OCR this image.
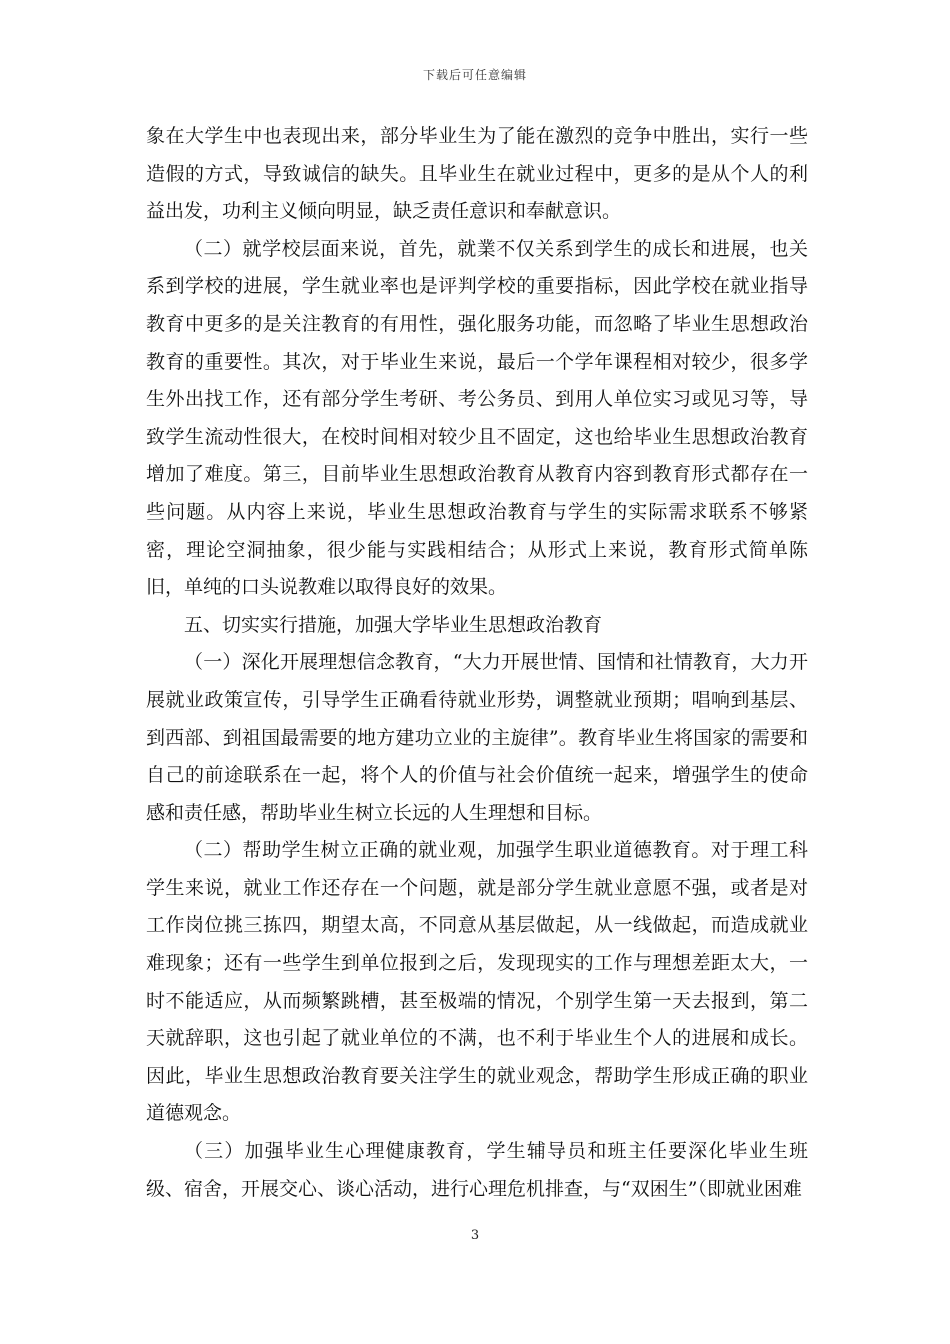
下载后可任意编辑

象在大学生中也表现出来，部分毕业生为了能在激烈的竞争中胜出，实行一些造假的方式，导致诚信的缺失。且毕业生在就业过程中，更多的是从个人的利益出发，功利主义倾向明显，缺乏责任意识和奉献意识。

（二）就学校层面来说，首先，就業不仅关系到学生的成长和进展，也关系到学校的进展，学生就业率也是评判学校的重要指标，因此学校在就业指导教育中更多的是关注教育的有用性，强化服务功能，而忽略了毕业生思想政治教育的重要性。其次，对于毕业生来说，最后一个学年课程相对较少，很多学生外出找工作，还有部分学生考研、考公务员、到用人单位实习或见习等，导致学生流动性很大，在校时间相对较少且不固定，这也给毕业生思想政治教育增加了难度。第三，目前毕业生思想政治教育从教育内容到教育形式都存在一些问题。从内容上来说，毕业生思想政治教育与学生的实际需求联系不够紧密，理论空洞抽象，很少能与实践相结合；从形式上来说，教育形式简单陈旧，单纯的口头说教难以取得良好的效果。

五、切实实行措施，加强大学毕业生思想政治教育

（一）深化开展理想信念教育，“大力开展世情、国情和社情教育，大力开展就业政策宣传，引导学生正确看待就业形势，调整就业预期；唱响到基层、到西部、到祖国最需要的地方建功立业的主旋律”。教育毕业生将国家的需要和自己的前途联系在一起，将个人的价值与社会价值统一起来，增强学生的使命感和责任感，帮助毕业生树立长远的人生理想和目标。

（二）帮助学生树立正确的就业观，加强学生职业道德教育。对于理工科学生来说，就业工作还存在一个问题，就是部分学生就业意愿不强，或者是对工作岗位挑三拣四，期望太高，不同意从基层做起，从一线做起，而造成就业难现象；还有一些学生到单位报到之后，发现现实的工作与理想差距太大，一时不能适应，从而频繁跳槽，甚至极端的情况，个别学生第一天去报到，第二天就辞职，这也引起了就业单位的不满，也不利于毕业生个人的进展和成长。因此，毕业生思想政治教育要关注学生的就业观念，帮助学生形成正确的职业道德观念。

（三）加强毕业生心理健康教育，学生辅导员和班主任要深化毕业生班级、宿舍，开展交心、谈心活动，进行心理危机排查，与“双困生”（即就业困难

3
